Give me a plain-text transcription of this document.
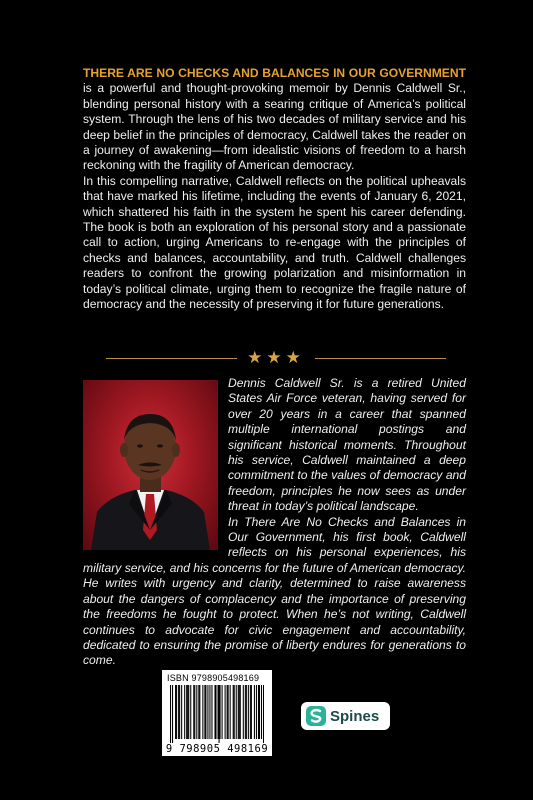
THERE ARE NO CHECKS AND BALANCES IN OUR GOVERNMENT is a powerful and thought-provoking memoir by Dennis Caldwell Sr., blending personal history with a searing critique of America’s political system. Through the lens of his two decades of military service and his deep belief in the principles of democracy, Caldwell takes the reader on a journey of awakening—from idealistic visions of freedom to a harsh reckoning with the fragility of American democracy.

In this compelling narrative, Caldwell reflects on the political upheavals that have marked his lifetime, including the events of January 6, 2021, which shattered his faith in the system he spent his career defending. The book is both an exploration of his personal story and a passionate call to action, urging Americans to re-engage with the principles of checks and balances, accountability, and truth. Caldwell challenges readers to confront the growing polarization and misinformation in today’s political climate, urging them to recognize the fragile nature of democracy and the necessity of preserving it for future generations.

★★★

Dennis Caldwell Sr. is a retired United States Air Force veteran, having served for over 20 years in a career that spanned multiple international postings and significant historical moments. Throughout his service, Caldwell maintained a deep commitment to the values of democracy and freedom, principles he now sees as under threat in today’s political landscape.

In There Are No Checks and Balances in Our Government, his first book, Caldwell reflects on his personal experiences, his military service, and his concerns for the future of American democracy. He writes with urgency and clarity, determined to raise awareness about the dangers of complacency and the importance of preserving the freedoms he fought to protect. When he’s not writing, Caldwell continues to advocate for civic engagement and accountability, dedicated to ensuring the promise of liberty endures for generations to come.

ISBN 9798905498169
9 798905 498169
Spines
